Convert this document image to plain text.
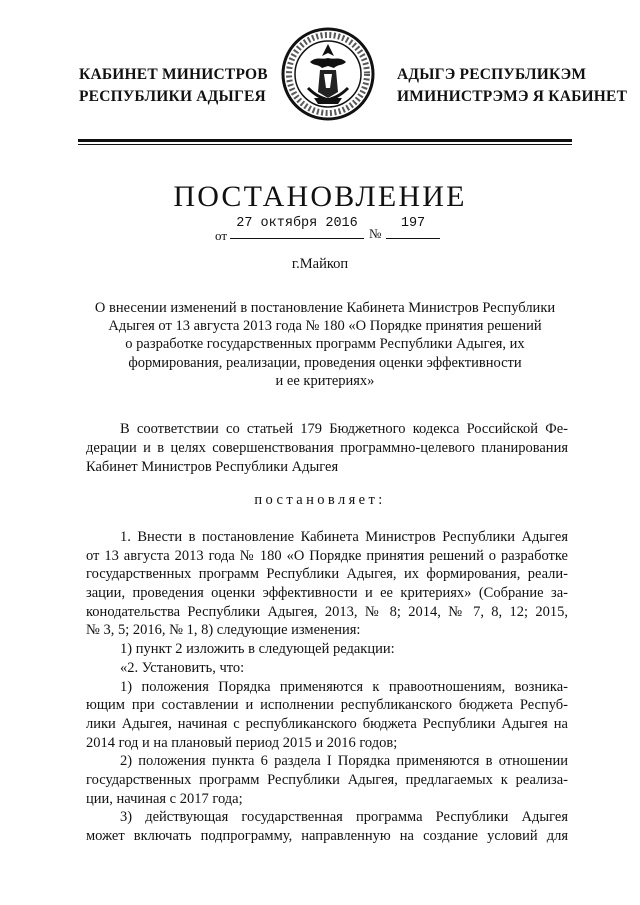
КАБИНЕТ МИНИСТРОВ
РЕСПУБЛИКИ АДЫГЕЯ
АДЫГЭ РЕСПУБЛИКЭМ
ИМИНИСТРЭМЭ Я КАБИНЕТ
ПОСТАНОВЛЕНИЕ
от
27 октября 2016
№
197
г.Майкоп
О внесении изменений в постановление Кабинета Министров Республики
Адыгея от 13 августа 2013 года № 180 «О Порядке принятия решений
о разработке государственных программ Республики Адыгея, их
формирования, реализации, проведения оценки эффективности
и ее критериях»
В соответствии со статьей 179 Бюджетного кодекса Российской Фе-
дерации и в целях совершенствования программно-целевого планирования
Кабинет Министров Республики Адыгея
постановляет:
1. Внести в постановление Кабинета Министров Республики Адыгея
от 13 августа 2013 года № 180 «О Порядке принятия решений о разработке
государственных программ Республики Адыгея, их формирования, реали-
зации, проведения оценки эффективности и ее критериях» (Собрание за-
конодательства Республики Адыгея, 2013, № 8; 2014, № 7, 8, 12; 2015,
№ 3, 5; 2016, № 1, 8) следующие изменения:
1) пункт 2 изложить в следующей редакции:
«2. Установить, что:
1) положения Порядка применяются к правоотношениям, возника-
ющим при составлении и исполнении республиканского бюджета Респуб-
лики Адыгея, начиная с республиканского бюджета Республики Адыгея на
2014 год и на плановый период 2015 и 2016 годов;
2) положения пункта 6 раздела I Порядка применяются в отношении
государственных программ Республики Адыгея, предлагаемых к реализа-
ции, начиная с 2017 года;
3) действующая государственная программа Республики Адыгея
может включать подпрограмму, направленную на создание условий для
